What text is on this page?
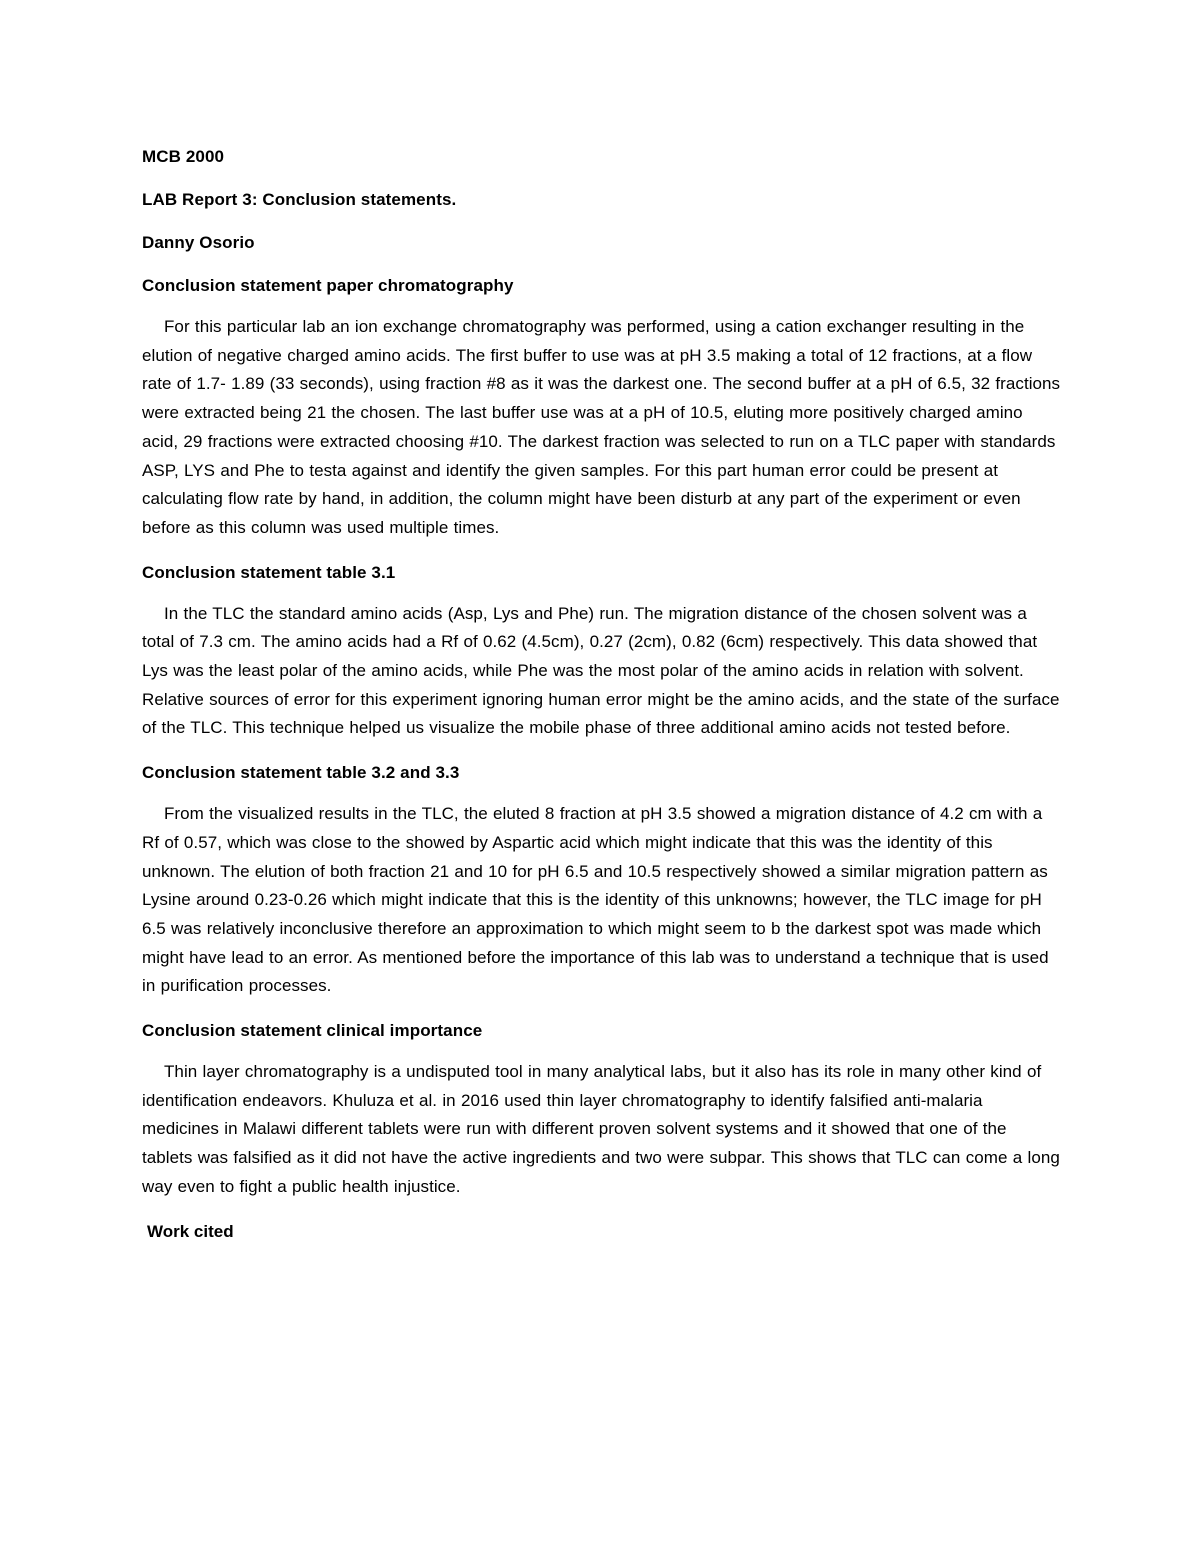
MCB 2000

LAB Report 3: Conclusion statements.

Danny Osorio

Conclusion statement paper chromatography

For this particular lab an ion exchange chromatography was performed, using a cation exchanger resulting in the elution of negative charged amino acids. The first buffer to use was at pH 3.5 making a total of 12 fractions, at a flow rate of 1.7- 1.89 (33 seconds), using fraction #8 as it was the darkest one. The second buffer at a pH of 6.5, 32 fractions were extracted being 21 the chosen. The last buffer use was at a pH of 10.5, eluting more positively charged amino acid, 29 fractions were extracted choosing #10. The darkest fraction was selected to run on a TLC paper with standards ASP, LYS and Phe to testa against and identify the given samples. For this part human error could be present at calculating flow rate by hand, in addition, the column might have been disturb at any part of the experiment or even before as this column was used multiple times.

Conclusion statement table 3.1

In the TLC the standard amino acids (Asp, Lys and Phe) run. The migration distance of the chosen solvent was a total of 7.3 cm. The amino acids had a Rf of 0.62 (4.5cm), 0.27 (2cm), 0.82 (6cm) respectively. This data showed that Lys was the least polar of the amino acids, while Phe was the most polar of the amino acids in relation with solvent. Relative sources of error for this experiment ignoring human error might be the amino acids, and the state of the surface of the TLC. This technique helped us visualize the mobile phase of three additional amino acids not tested before.

Conclusion statement table 3.2 and 3.3

From the visualized results in the TLC, the eluted 8 fraction at pH 3.5 showed a migration distance of 4.2 cm with a Rf of 0.57, which was close to the showed by Aspartic acid which might indicate that this was the identity of this unknown. The elution of both fraction 21 and 10 for pH 6.5 and 10.5 respectively showed a similar migration pattern as Lysine around 0.23-0.26 which might indicate that this is the identity of this unknowns; however, the TLC image for pH 6.5 was relatively inconclusive therefore an approximation to which might seem to b the darkest spot was made which might have lead to an error. As mentioned before the importance of this lab was to understand a technique that is used in purification processes.

Conclusion statement clinical importance

Thin layer chromatography is a undisputed tool in many analytical labs, but it also has its role in many other kind of identification endeavors. Khuluza et al. in 2016 used thin layer chromatography to identify falsified anti-malaria medicines in Malawi different tablets were run with different proven solvent systems and it showed that one of the tablets was falsified as it did not have the active ingredients and two were subpar. This shows that TLC can come a long way even to fight a public health injustice.

Work cited
